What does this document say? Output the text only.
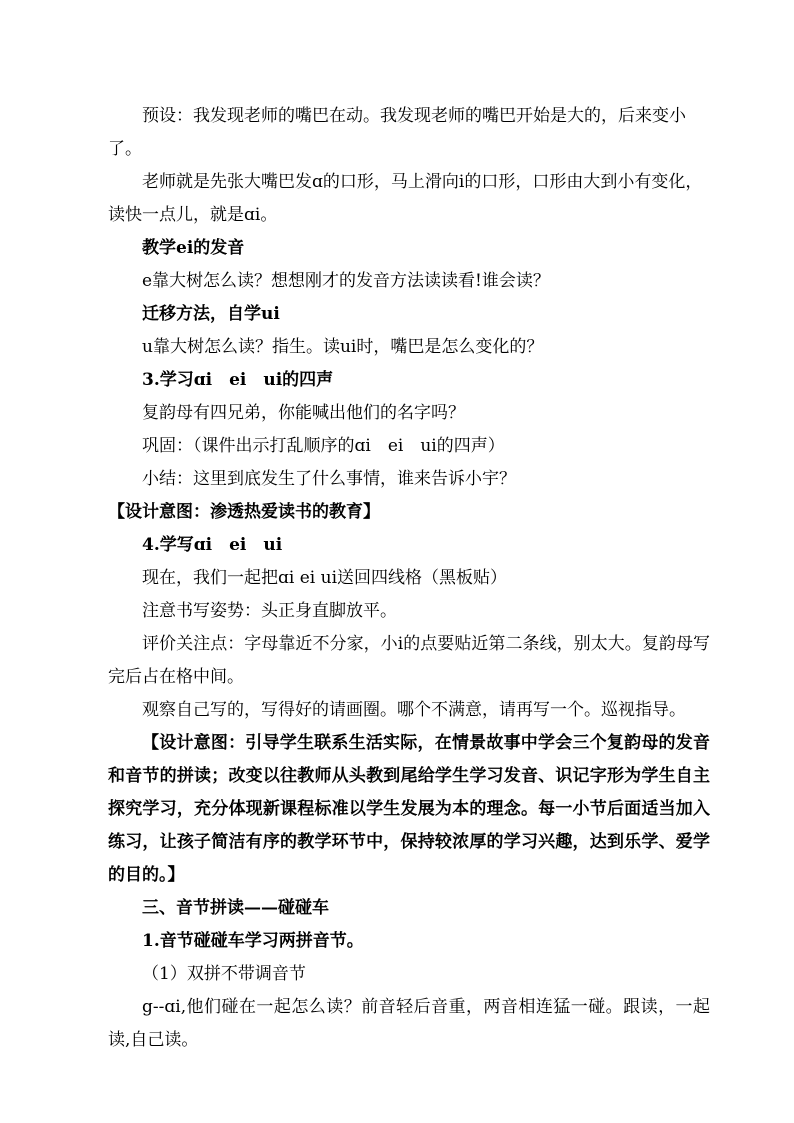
预设：我发现老师的嘴巴在动。我发现老师的嘴巴开始是大的，后来变小了。

老师就是先张大嘴巴发ɑ的口形，马上滑向i的口形，口形由大到小有变化，读快一点儿，就是ɑi。

教学ei的发音

e靠大树怎么读？想想刚才的发音方法读读看!谁会读？

迁移方法，自学ui

u靠大树怎么读？指生。读ui时，嘴巴是怎么变化的？

3.学习ɑi　ei　ui的四声

复韵母有四兄弟，你能喊出他们的名字吗？

巩固：（课件出示打乱顺序的ɑi　ei　ui的四声）

小结：这里到底发生了什么事情，谁来告诉小宇？

【设计意图：渗透热爱读书的教育】

4.学写ɑi　ei　ui

现在，我们一起把ɑi ei ui送回四线格（黑板贴）

注意书写姿势：头正身直脚放平。

评价关注点：字母靠近不分家，小i的点要贴近第二条线，别太大。复韵母写完后占在格中间。

观察自己写的，写得好的请画圈。哪个不满意，请再写一个。巡视指导。

【设计意图：引导学生联系生活实际，在情景故事中学会三个复韵母的发音和音节的拼读；改变以往教师从头教到尾给学生学习发音、识记字形为学生自主探究学习，充分体现新课程标准以学生发展为本的理念。每一小节后面适当加入练习，让孩子简洁有序的教学环节中，保持较浓厚的学习兴趣，达到乐学、爱学的目的。】

三、音节拼读——碰碰车

1.音节碰碰车学习两拼音节。

（1）双拼不带调音节

g--ɑi,他们碰在一起怎么读？前音轻后音重，两音相连猛一碰。跟读，一起读,自己读。
